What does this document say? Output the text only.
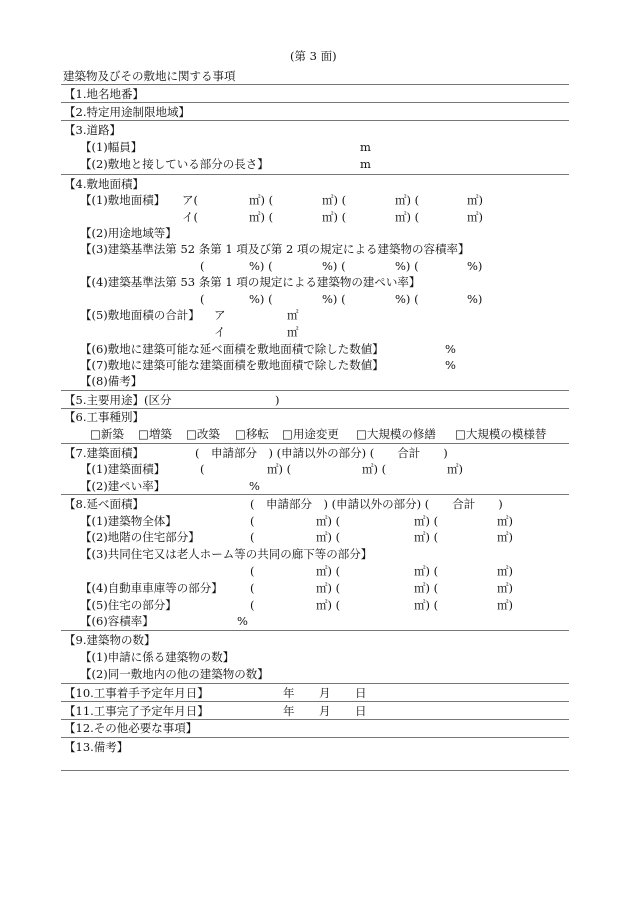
(第 3 面)
建築物及びその敷地に関する事項
【1.地名地番】
【2.特定用途制限地域】
【3.道路】
【(1)幅員】	m
【(2)敷地と接している部分の長さ】	m
【4.敷地面積】
【(1)敷地面積】 ア(	㎡) (	㎡) (	㎡) (	㎡)
イ(	㎡) (	㎡) (	㎡) (	㎡)
【(2)用途地域等】
【(3)建築基準法第 52 条第 1 項及び第 2 項の規定による建築物の容積率】
(	%) (	%) (	%) (	%)
【(4)建築基準法第 53 条第 1 項の規定による建築物の建ぺい率】
(	%) (	%) (	%) (	%)
【(5)敷地面積の合計】 ア	㎡
イ	㎡
【(6)敷地に建築可能な延べ面積を敷地面積で除した数値】	%
【(7)敷地に建築可能な建築面積を敷地面積で除した数値】	%
【(8)備考】
【5.主要用途】(区分	)
【6.工事種別】
□新築 □増築 □改築 □移転 □用途変更 □大規模の修繕 □大規模の模様替
【7.建築面積】	(　申請部分　) (申請以外の部分) (　　合計　　)
【(1)建築面積】	(	㎡) (	㎡) (	㎡)
【(2)建ぺい率】	%
【8.延べ面積】	(　申請部分　) (申請以外の部分) (　　合計　　)
【(1)建築物全体】	(	㎡) (	㎡) (	㎡)
【(2)地階の住宅部分】	(	㎡) (	㎡) (	㎡)
【(3)共同住宅又は老人ホーム等の共同の廊下等の部分】
(	㎡) (	㎡) (	㎡)
【(4)自動車車庫等の部分】 (	㎡) (	㎡) (	㎡)
【(5)住宅の部分】	(	㎡) (	㎡) (	㎡)
【(6)容積率】	%
【9.建築物の数】
【(1)申請に係る建築物の数】
【(2)同一敷地内の他の建築物の数】
【10.工事着手予定年月日】	年 月 日
【11.工事完了予定年月日】	年 月 日
【12.その他必要な事項】
【13.備考】
